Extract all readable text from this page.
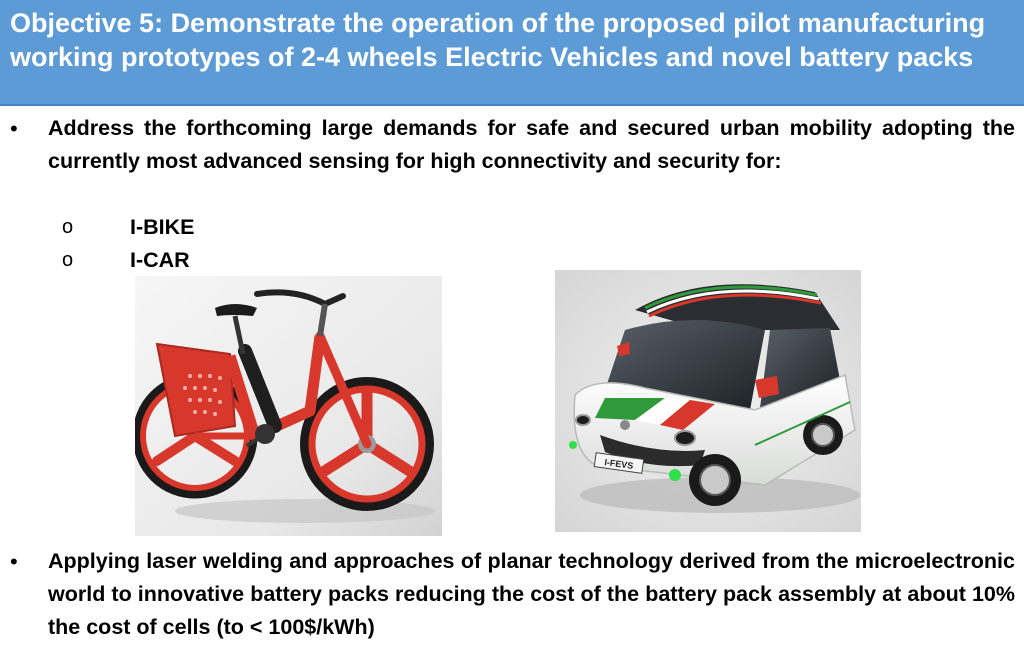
Objective 5: Demonstrate the operation of the proposed pilot manufacturing working prototypes of 2-4 wheels Electric Vehicles and novel battery packs

•	Address the forthcoming large demands for safe and secured urban mobility adopting the currently most advanced sensing for high connectivity and security for:
o	I-BIKE
o	I-CAR
I-FEVS
•	Applying laser welding and approaches of planar technology derived from the microelectronic world to innovative battery packs reducing the cost of the battery pack assembly at about 10% the cost of cells (to < 100$/kWh)
